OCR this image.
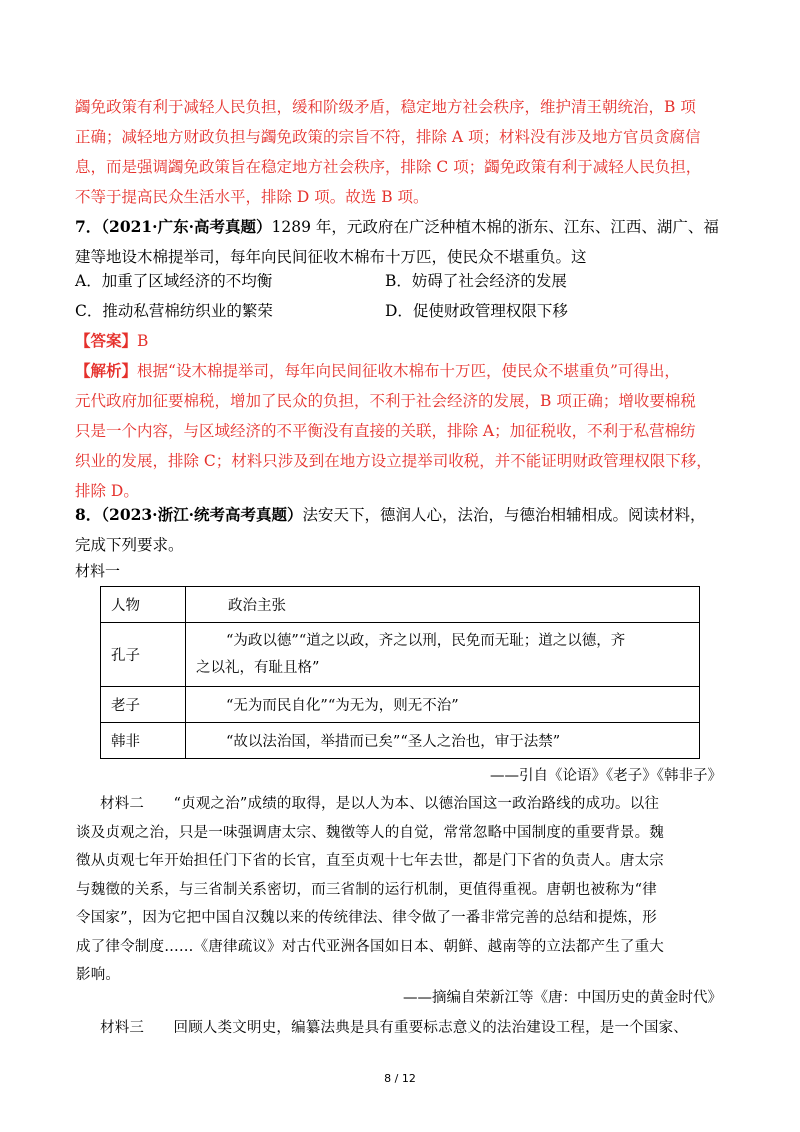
蠲免政策有利于减轻人民负担，缓和阶级矛盾，稳定地方社会秩序，维护清王朝统治，B 项
正确；减轻地方财政负担与蠲免政策的宗旨不符，排除 A 项；材料没有涉及地方官员贪腐信
息，而是强调蠲免政策旨在稳定地方社会秩序，排除 C 项；蠲免政策有利于减轻人民负担，
不等于提高民众生活水平，排除 D 项。故选 B 项。
7．（2021·广东·高考真题）1289 年，元政府在广泛种植木棉的浙东、江东、江西、湖广、福
建等地设木棉提举司，每年向民间征收木棉布十万匹，使民众不堪重负。这
A．加重了区域经济的不均衡	B．妨碍了社会经济的发展
C．推动私营棉纺织业的繁荣	D．促使财政管理权限下移
【答案】B
【解析】根据“设木棉提举司，每年向民间征收木棉布十万匹，使民众不堪重负”可得出，
元代政府加征要棉税，增加了民众的负担，不利于社会经济的发展，B 项正确；增收要棉税
只是一个内容，与区域经济的不平衡没有直接的关联，排除 A；加征税收，不利于私营棉纺
织业的发展，排除 C；材料只涉及到在地方设立提举司收税，并不能证明财政管理权限下移，
排除 D。
8．（2023·浙江·统考高考真题）法安天下，德润人心，法治，与德治相辅相成。阅读材料，
完成下列要求。
材料一
人物	政治主张
孔子	“为政以德”“道之以政，齐之以刑，民免而无耻；道之以德，齐
之以礼，有耻且格”

老子	“无为而民自化”“为无为，则无不治”
韩非	“故以法治国，举措而已矣”“圣人之治也，审于法禁”
——引自《论语》《老子》《韩非子》
材料二　　“贞观之治”成绩的取得，是以人为本、以德治国这一政治路线的成功。以往
谈及贞观之治，只是一味强调唐太宗、魏徵等人的自觉，常常忽略中国制度的重要背景。魏
徵从贞观七年开始担任门下省的长官，直至贞观十七年去世，都是门下省的负责人。唐太宗
与魏徵的关系，与三省制关系密切，而三省制的运行机制，更值得重视。唐朝也被称为“律
令国家”，因为它把中国自汉魏以来的传统律法、律令做了一番非常完善的总结和提炼，形
成了律令制度……《唐律疏议》对古代亚洲各国如日本、朝鲜、越南等的立法都产生了重大
影响。
——摘编自荣新江等《唐：中国历史的黄金时代》
材料三　　回顾人类文明史，编纂法典是具有重要标志意义的法治建设工程，是一个国家、
8 / 12
